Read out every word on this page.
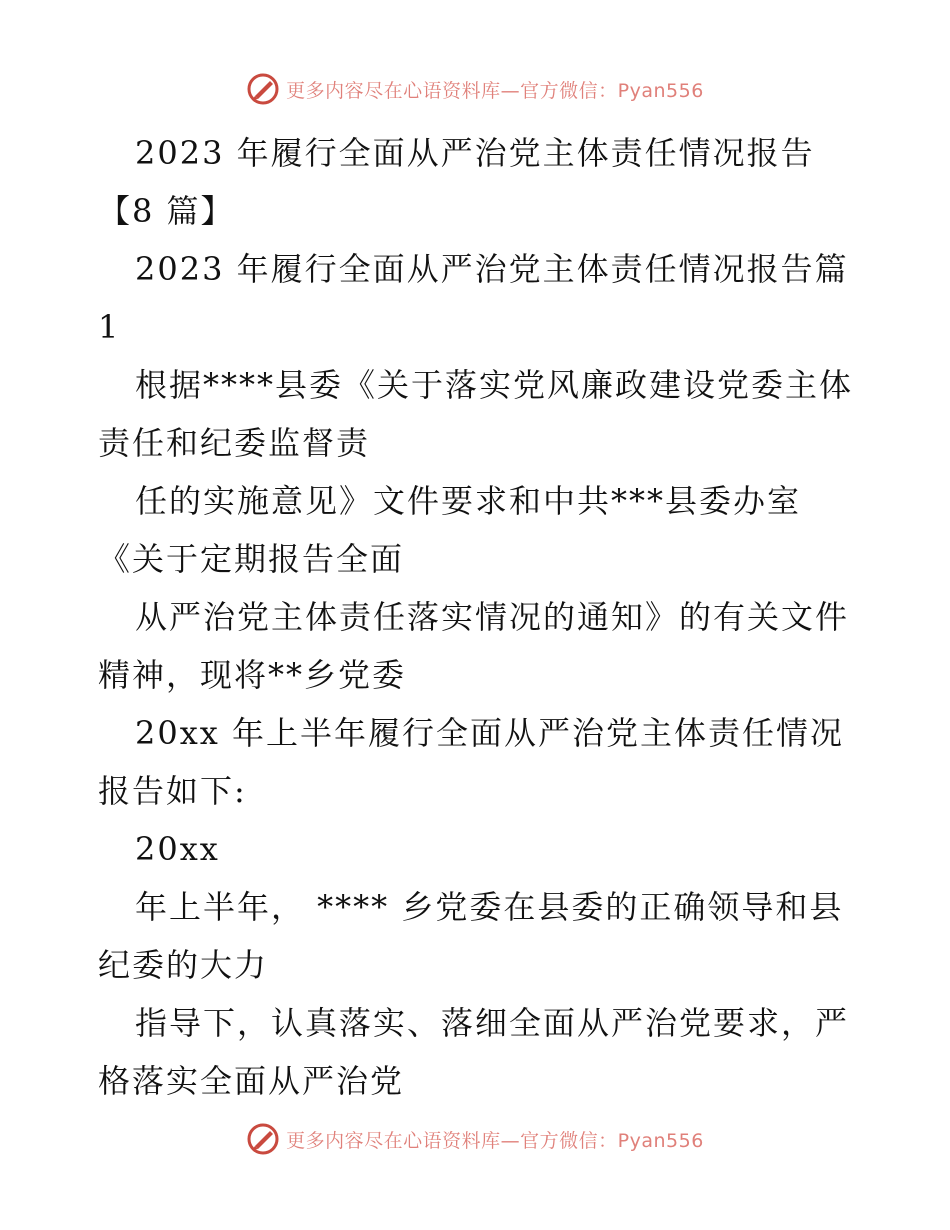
更多内容尽在心语资料库—官方微信：Pyan556

2023 年履行全面从严治党主体责任情况报告【8 篇】

2023 年履行全面从严治党主体责任情况报告篇 1

根据****县委《关于落实党风廉政建设党委主体责任和纪委监督责

任的实施意见》文件要求和中共***县委办室《关于定期报告全面

从严治党主体责任落实情况的通知》的有关文件精神，现将**乡党委

20xx 年上半年履行全面从严治党主体责任情况报告如下:

20xx

年上半年， **** 乡党委在县委的正确领导和县纪委的大力

指导下，认真落实、落细全面从严治党要求，严格落实全面从严治党

更多内容尽在心语资料库—官方微信：Pyan556
